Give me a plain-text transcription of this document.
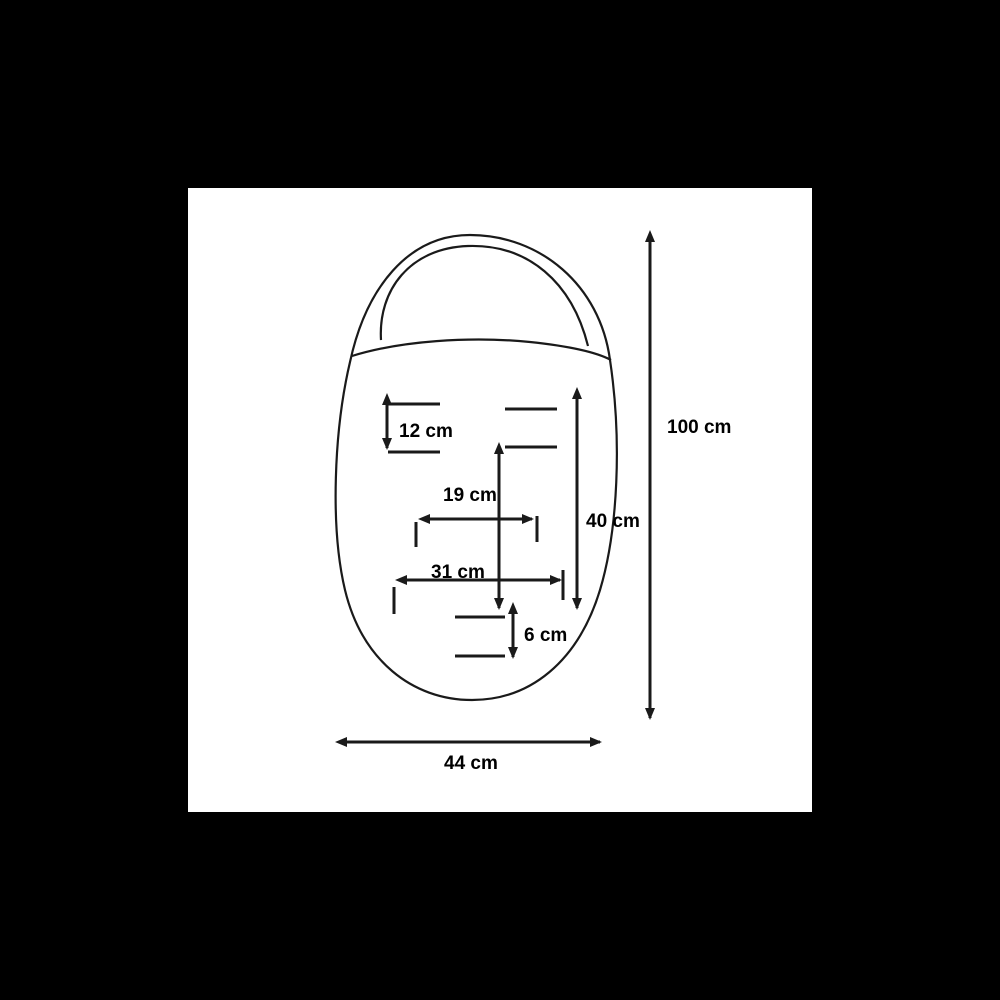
100 cm
44 cm
40 cm
12 cm
19 cm
31 cm
6 cm
